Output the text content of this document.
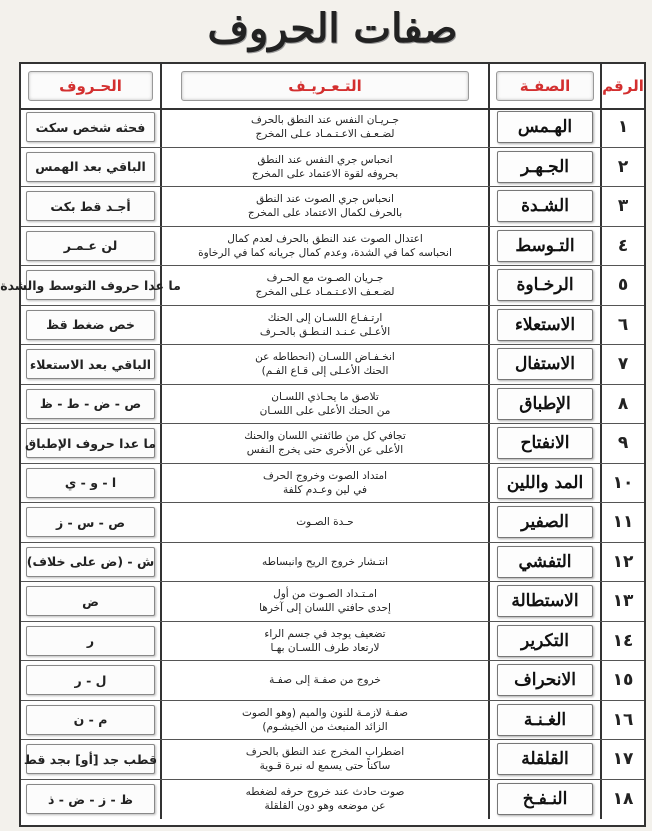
صفات الحروف
الرقم
الصفـة
التـعـريـف
الحـروف
١
الهـمس
جـريـان النفس عند النطق بالحرف
لضـعـف الاعـتـمـاد عـلى المخرج
فحثه شخص سكت
٢
الجـهـر
انحباس جري النفس عند النطق
بحروفه لقوة الاعتماد على المخرج
الباقي بعد الهمس
٣
الشـدة
انحباس جري الصوت عند النطق
بالحرف لكمال الاعتماد على المخرج
أجـد قط بكت
٤
التـوسط
اعتدال الصوت عند النطق بالحرف لعدم كمال
انحباسه كما في الشدة، وعدم كمال جريانه كما في الرخاوة
لن عـمـر
٥
الرخـاوة
جـريان الصـوت مع الحـرف
لضـعـف الاعـتـمـاد عـلى المخرج
ما عدا حروف التوسط والشدة
٦
الاستعلاء
ارتـفـاع اللسـان إلى الحنك
الأعـلى عـنـد النـطـق بالحـرف
خص ضغط قظ
٧
الاستفال
انخـفـاض اللسـان (انحطاطه عن
الحنك الأعـلى إلى قـاع الفـم)
الباقي بعد الاستعلاء
٨
الإطباق
تلاصق ما يحـاذي اللسـان
من الحنك الأعلى على اللسـان
ص - ض - ط - ظ
٩
الانفتاح
تجافي كل من طائفتي اللسان والحنك
الأعلى عن الأخرى حتى يخرج النفس
ما عدا حروف الإطباق
١٠
المد واللين
امتداد الصوت وخروج الحرف
في لين وعـدم كلفة
ا - و - ي
١١
الصفير
حـدة الصـوت
ص - س - ز
١٢
التفشي
انتـشار خروج الريح وانبساطه
ش - (ض على خلاف)
١٣
الاستطالة
امـتـداد الصـوت من أول
إحدى حافتي اللسان إلى آخرها
ض
١٤
التكرير
تضعيف يوجد في جسم الراء
لارتعاد طرف اللسـان بهـا
ر
١٥
الانحراف
خروج من صفـة إلى صفـة
ل - ر
١٦
الغـنـة
صفـة لازمـة للنون والميم (وهو الصوت
الزائد المنبعث من الخيشـوم)
م - ن
١٧
القلقلة
اضطراب المخرج عند النطق بالحرف
ساكناً حتى يسمع له نبرة قـوية
قطب جد [أو] بجد قط
١٨
النـفـخ
صوت حادث عند خروج حرفه لضغطه
عن موضعه وهو دون القلقلة
ظ - ز - ض - ذ
